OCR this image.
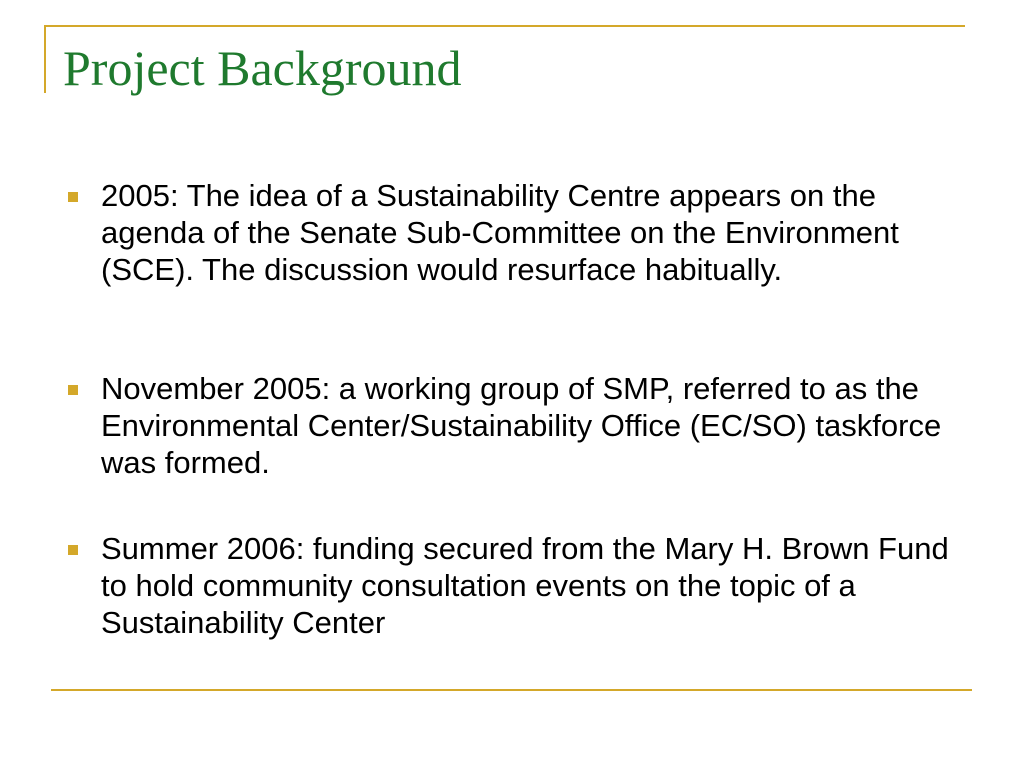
Project Background

2005: The idea of a Sustainability Centre appears on the agenda of the Senate Sub-Committee on the Environment (SCE). The discussion would resurface habitually.

November 2005: a working group of SMP, referred to as the Environmental Center/Sustainability Office (EC/SO) taskforce was formed.

Summer 2006: funding secured from the Mary H. Brown Fund to hold community consultation events on the topic of a Sustainability Center
